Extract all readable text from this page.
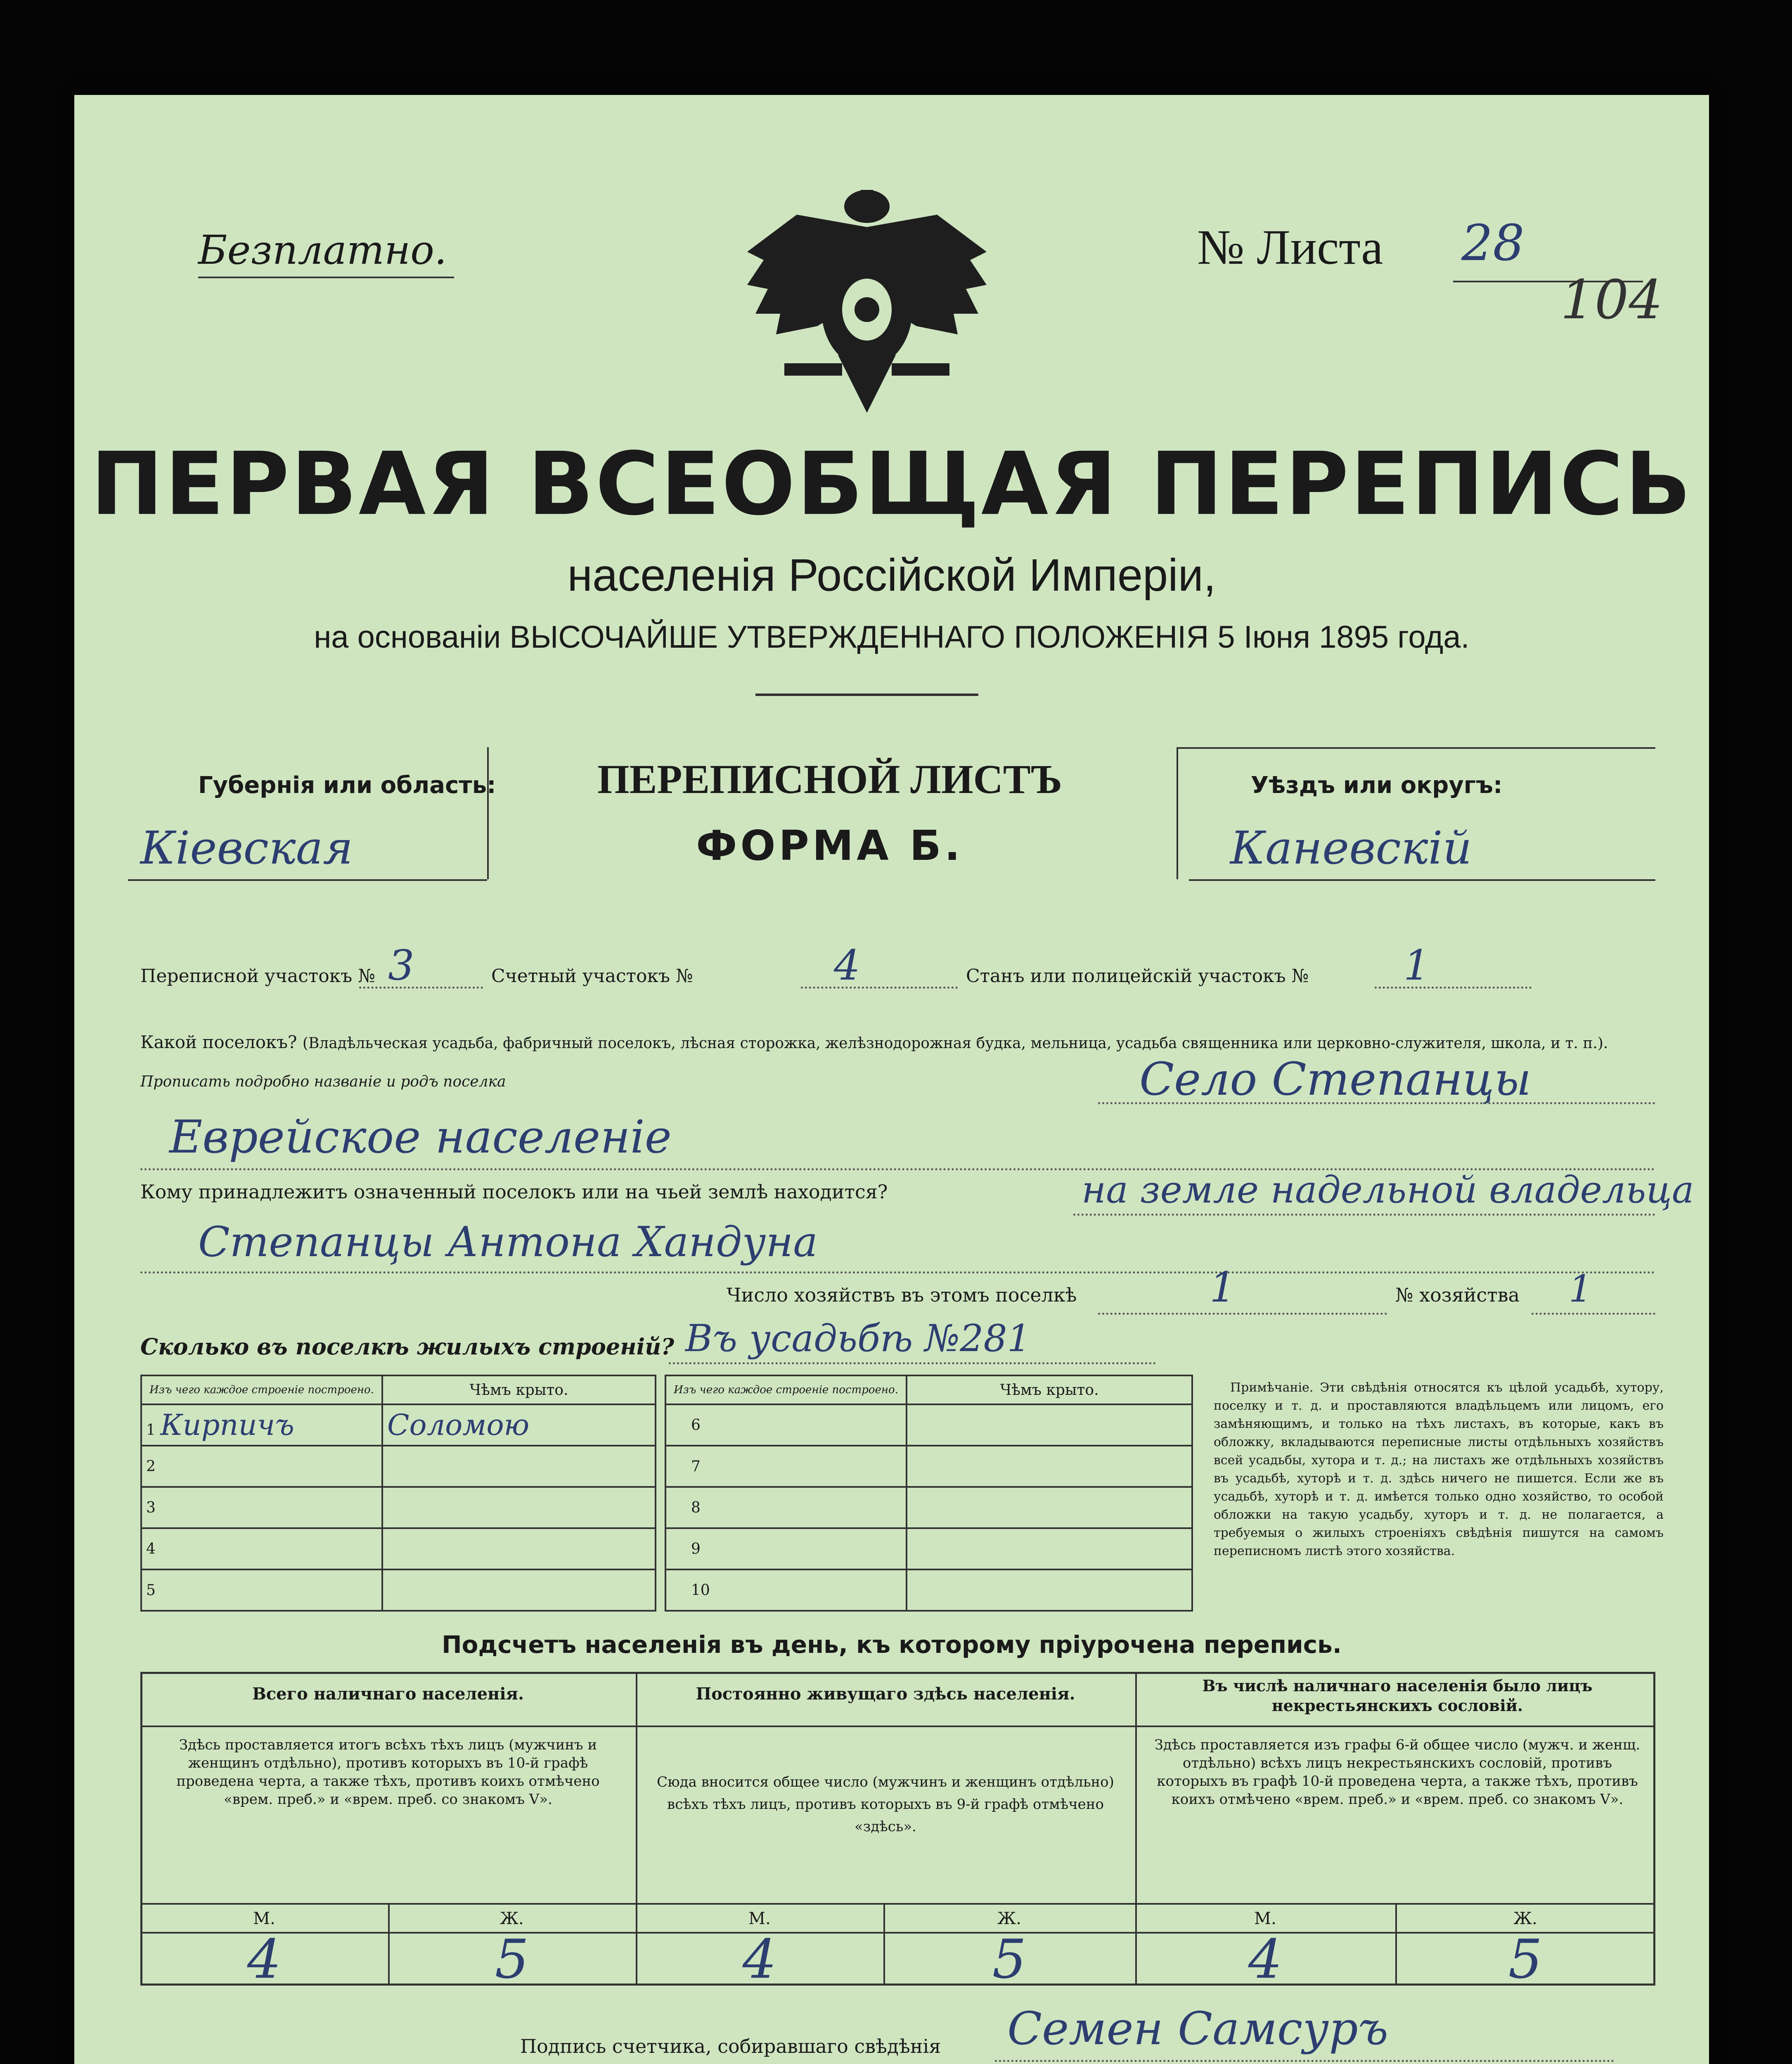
Безплатно.	№ Листа 28
104
ПЕРВАЯ ВСЕОБЩАЯ ПЕРЕПИСЬ
населенія Россійской Имперіи,
на основаніи ВЫСОЧАЙШЕ УТВЕРЖДЕННАГО ПОЛОЖЕНІЯ 5 Іюня 1895 года.
Губернія или область:
Кіевская
ПЕРЕПИСНОЙ ЛИСТЪ
ФОРМА Б.
Уѣздъ или округъ:
Каневскій
Переписной участокъ № 3	Счетный участокъ №	4	Станъ или полицейскій участокъ № 1
Какой поселокъ? (Владѣльческая усадьба, фабричный поселокъ, лѣсная сторожка, желѣзнодорожная будка, мельница, усадьба священника или церковно-служителя, школа, и т. п.). Прописать подробно названіе и родъ поселка	Село Степанцы
Еврейское населеніе
Кому принадлежитъ означенный поселокъ или на чьей землѣ находится?	на земле надельной владельца
Степанцы Антона Хандуна
Число хозяйствъ въ этомъ поселкѣ	1	№ хозяйства 1
Сколько въ поселкѣ жилыхъ строеній? Въ усадьбѣ №281
Изъ чего каждое строеніе построено.	Чѣмъ крыто.
1 Кирпичъ	Соломою
2	
3	
4	
5	
Изъ чего каждое строеніе построено.	Чѣмъ крыто.
6	
7	
8	
9	
10	
Примѣчаніе. Эти свѣдѣнія относятся къ цѣлой усадьбѣ, хутору, поселку и т. д. и проставляются владѣльцемъ или лицомъ, его замѣняющимъ, и только на тѣхъ листахъ, въ которые, какъ въ обложку, вкладываются переписные листы отдѣльныхъ хозяйствъ всей усадьбы, хутора и т. д.; на листахъ же отдѣльныхъ хозяйствъ въ усадьбѣ, хуторѣ и т. д. здѣсь ничего не пишется. Если же въ усадьбѣ, хуторѣ и т. д. имѣется только одно хозяйство, то особой обложки на такую усадьбу, хуторъ и т. д. не полагается, а требуемыя о жилыхъ строеніяхъ свѣдѣнія пишутся на самомъ переписномъ листѣ этого хозяйства.
Подсчетъ населенія въ день, къ которому пріурочена перепись.
Всего наличнаго населенія.	Постоянно живущаго здѣсь населенія.	Въ числѣ наличнаго населенія было лицъ некрестьянскихъ сословій.
Здѣсь проставляется итогъ всѣхъ тѣхъ лицъ (мужчинъ и женщинъ отдѣльно), противъ которыхъ въ 10-й графѣ проведена черта, а также тѣхъ, противъ коихъ отмѣчено «врем. преб.» и «врем. преб. со знакомъ V».
Сюда вносится общее число (мужчинъ и женщинъ отдѣльно) всѣхъ тѣхъ лицъ, противъ которыхъ въ 9-й графѣ отмѣчено «здѣсь».
Здѣсь проставляется изъ графы 6-й общее число (мужч. и женщ. отдѣльно) всѣхъ лицъ некрестьянскихъ сословій, противъ которыхъ въ графѣ 10-й проведена черта, а также тѣхъ, противъ коихъ отмѣчено «врем. преб.» и «врем. преб. со знакомъ V».
М.	Ж.	М.	Ж.	М.	Ж.
4	5	4	5	4	5
Подпись счетчика, собиравшаго свѣдѣнія Семен Самсуръ
